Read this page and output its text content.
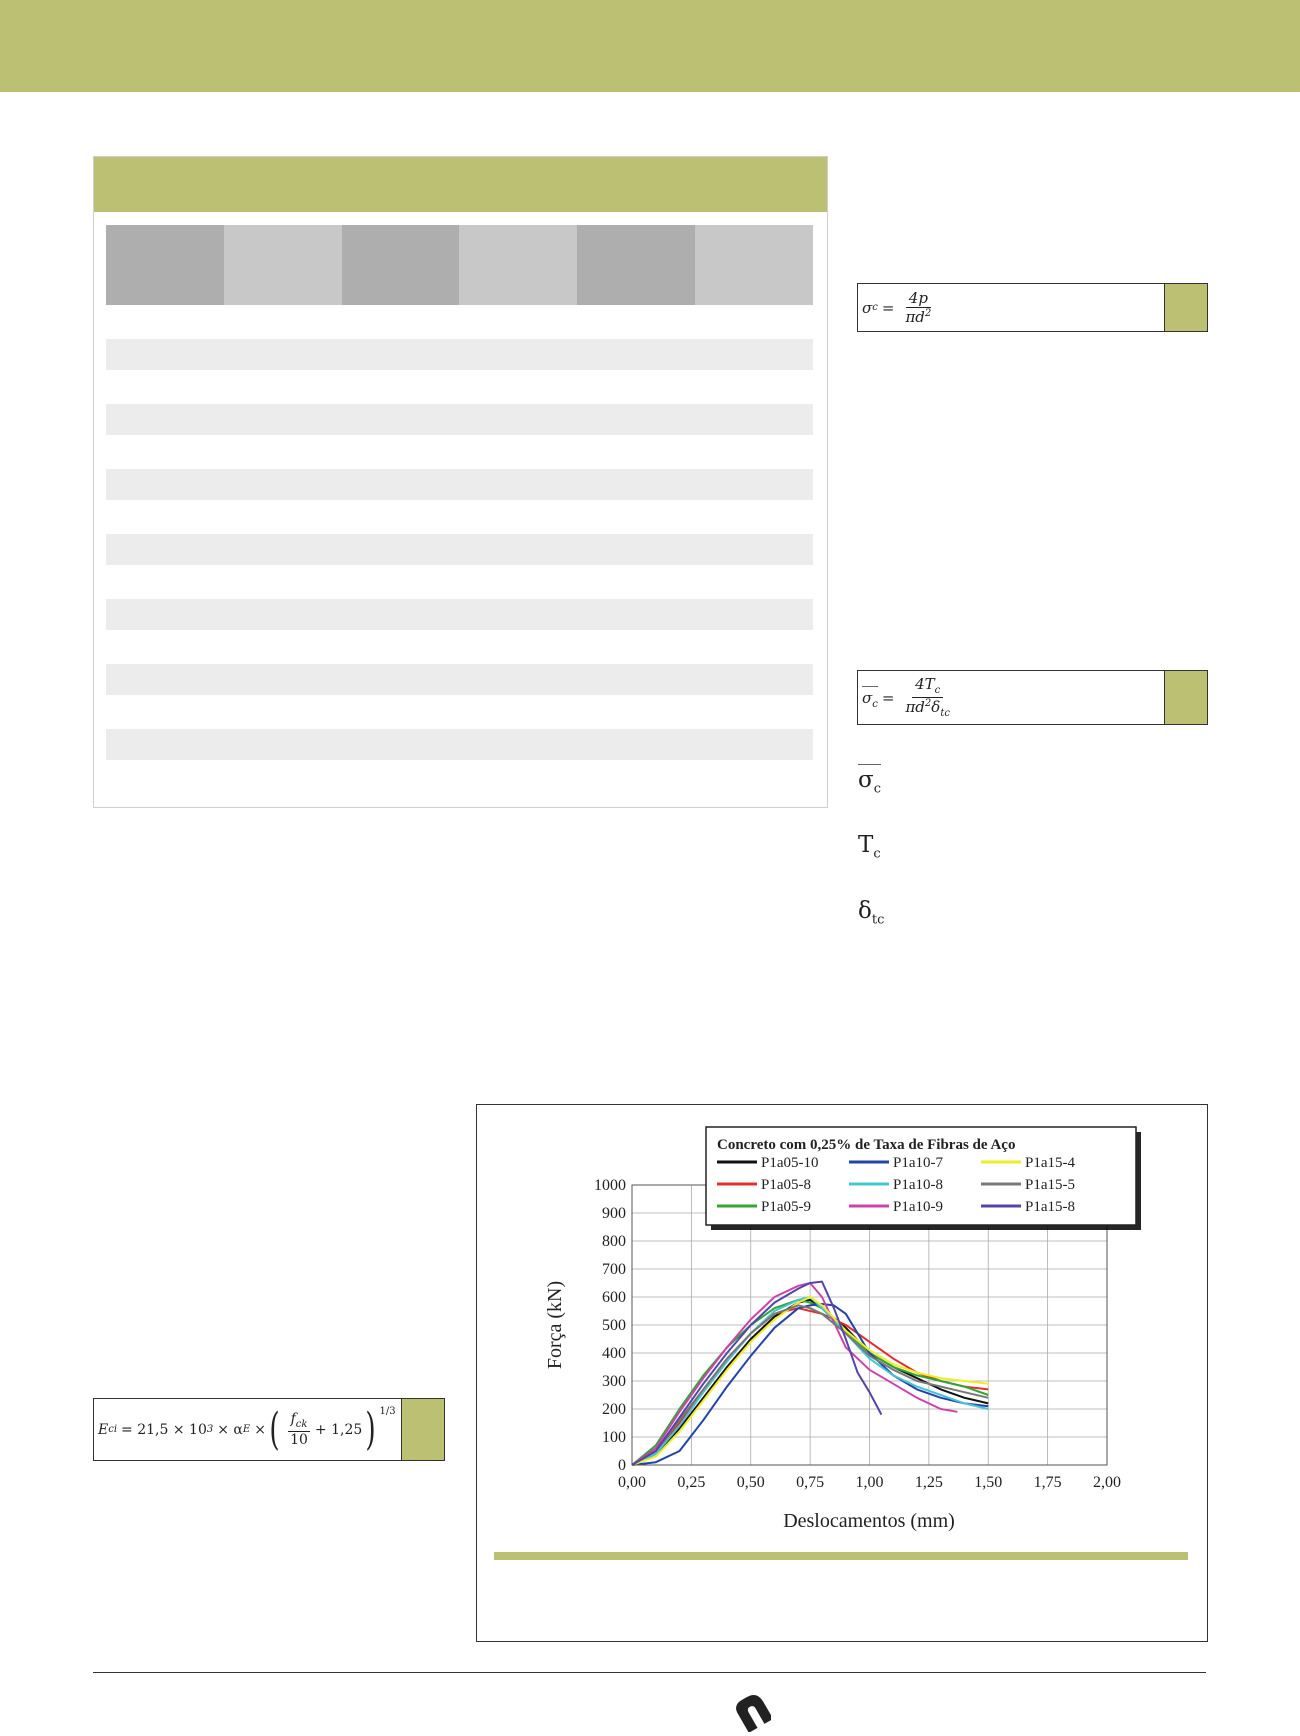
σ $c = \frac{4p}{\pi d^2}$
$\sigma_c = \frac{4T_c}{\pi d^2\delta_{tc}}$
$\sigma_c$
$T_c$
$\delta_{tc}$
E ci = 21,5 × 10 3 × α E × ( $\frac{f_{ck}}{10} + 1,25$ ) 1/3
0
100
200
300
400
500
600
700
800
900
1000
0,00 0,25 0,50 0,75 1,00 1,25 1,50 1,75 2,00
Deslocamentos (mm)
Força (kN)
Concreto com 0,25% de Taxa de Fibras de Aço
P1a05-10
P1a05-8
P1a05-9
P1a10-7
P1a10-8
P1a10-9
P1a15-4
P1a15-5
P1a15-8
